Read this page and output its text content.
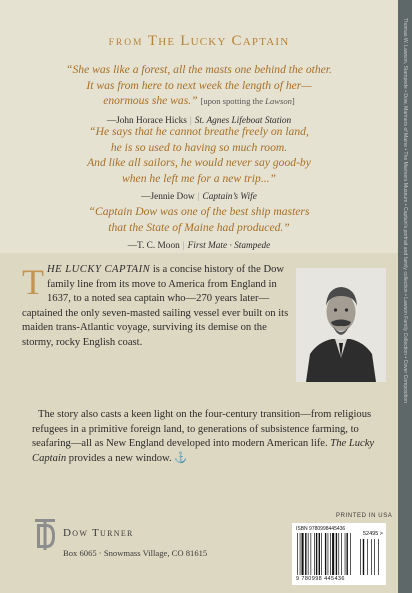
Thomas W. Lawson, Stampede • Dow, Mariners of Maine • The Mariners Museum • Captain's portrait and family collection • Lawson Family Collection • Cover Composition
FROM The Lucky Captain
“She was like a forest, all the masts one behind the other.
It was from here to next week the length of her—
enormous she was.” [upon spotting the Lawson]
—John Horace Hicks | St. Agnes Lifeboat Station
“He says that he cannot breathe freely on land,
he is so used to having so much room.
And like all sailors, he would never say good-by
when he left me for a new trip...”
—Jennie Dow | Captain’s Wife
“Captain Dow was one of the best ship masters
that the State of Maine had produced.”
—T. C. Moon | First Mate · Stampede
THE LUCKY CAPTAIN is a concise history of the Dow family line from its move to America from England in 1637, to a noted sea captain who—270 years later—captained the only seven-masted sailing vessel ever built on its maiden trans-Atlantic voyage, surviving its demise on the stormy, rocky English coast.
The story also casts a keen light on the four-century transition—from religious refugees in a primitive foreign land, to generations of subsistence farming, to seafaring—all as New England developed into modern American life. The Lucky Captain provides a new window. ⚓
Dow Turner
Box 6065 · Snowmass Village, CO 81615
PRINTED IN USA
ISBN 9780998445436
52495 >
9 780998 445436
